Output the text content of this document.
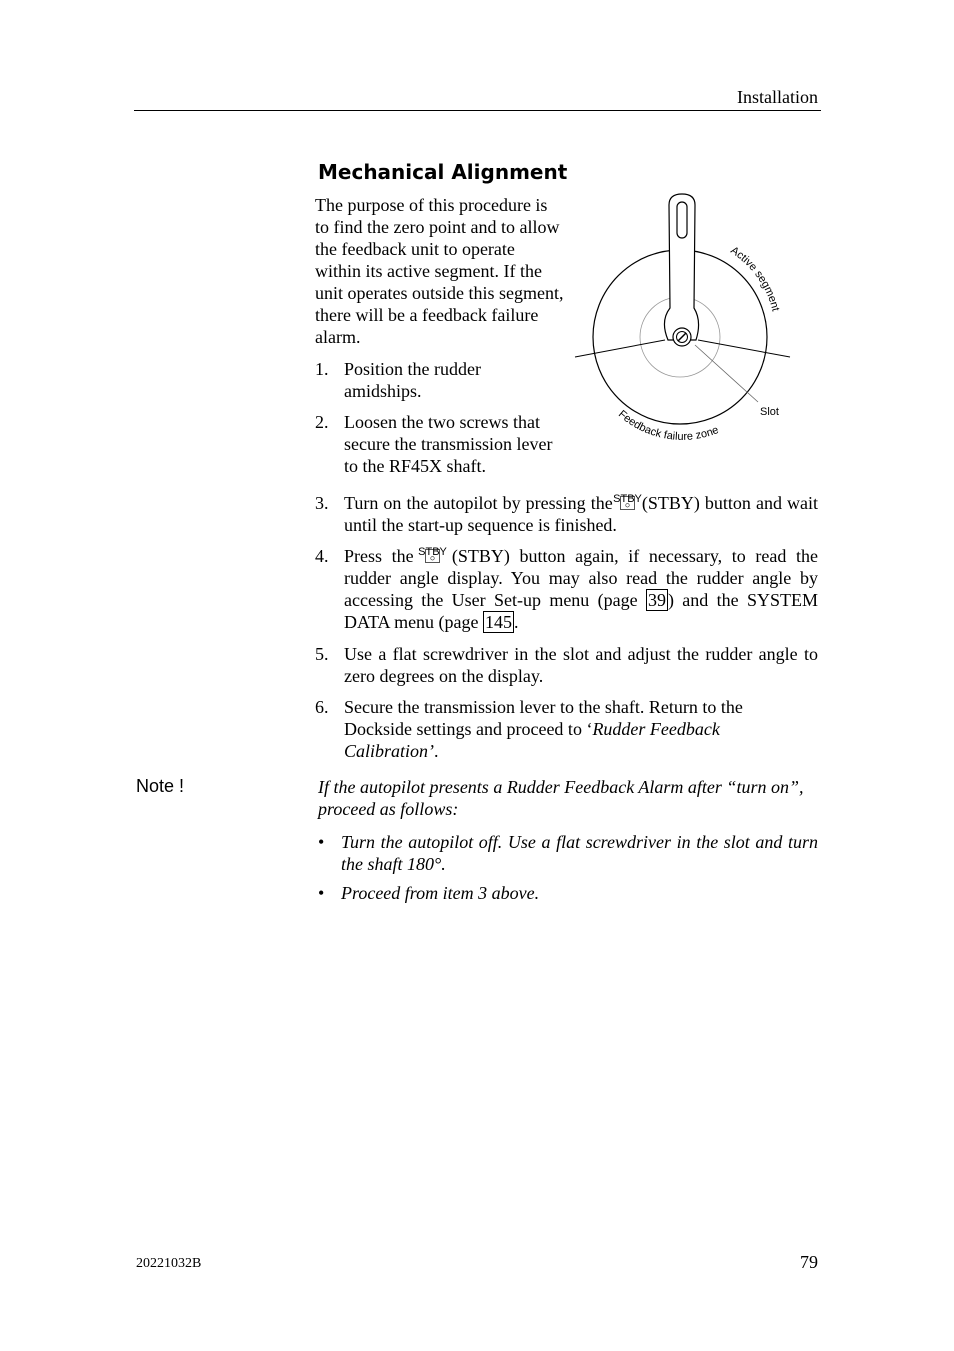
Installation
Mechanical Alignment
The purpose of this procedure is to find the zero point and to allow the feedback unit to operate within its active segment. If the unit operates outside this segment, there will be a feedback failure alarm.
1. Position the rudder amidships.
2. Loosen the two screws that secure the transmission lever to the RF45X shaft.
Active segment
Slot
Feedback failure zone
3. Turn on the autopilot by pressing the STBY (STBY) button and wait until the start-up sequence is finished.
4. Press the STBY (STBY) button again, if necessary, to read the rudder angle display. You may also read the rudder angle by accessing the User Set-up menu (page 39 ) and the SYSTEM DATA menu (page 145 .
5. Use a flat screwdriver in the slot and adjust the rudder angle to zero degrees on the display.
6. Secure the transmission lever to the shaft. Return to the Dockside settings and proceed to ‘Rudder Feedback Calibration’.
Note !	If the autopilot presents a Rudder Feedback Alarm after “turn on”, proceed as follows:
• Turn the autopilot off. Use a flat screwdriver in the slot and turn the shaft 180°.
• Proceed from item 3 above.
20221032B	79
